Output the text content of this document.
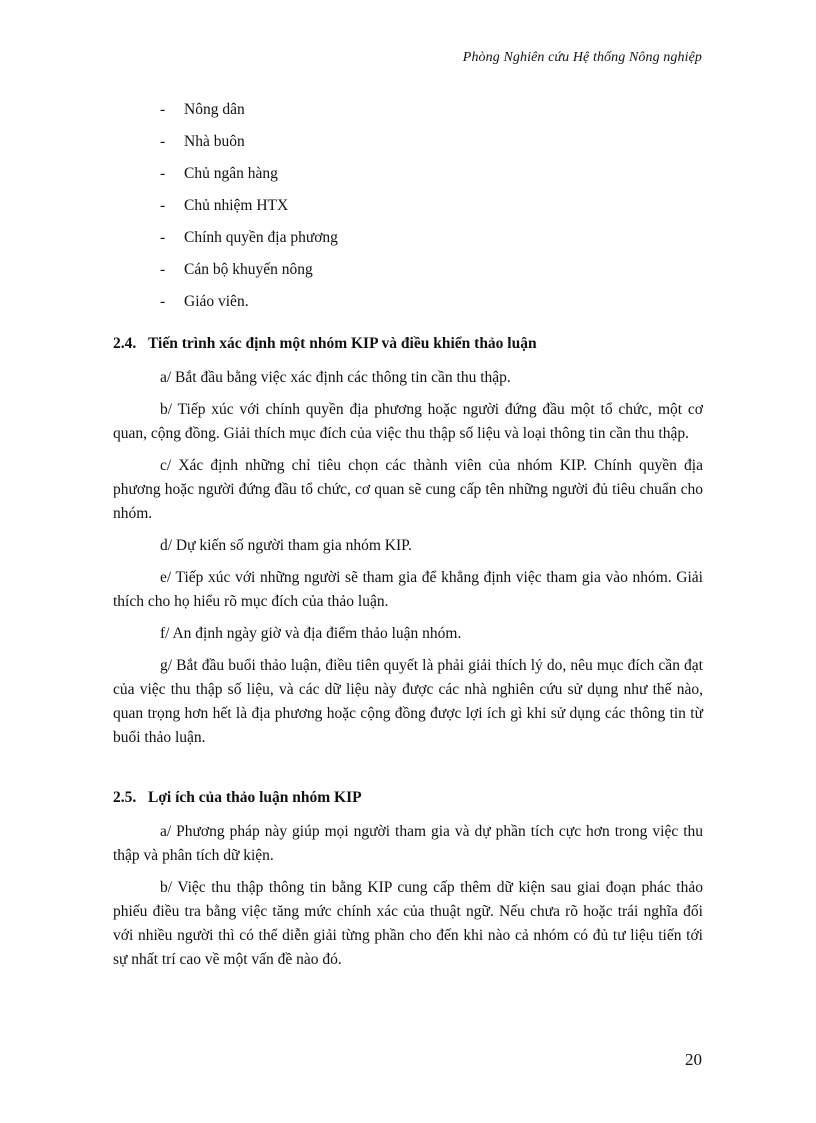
Phòng Nghiên cứu Hệ thống Nông nghiệp
-	Nông dân
-	Nhà buôn
-	Chủ ngân hàng
-	Chủ nhiệm HTX
-	Chính quyền địa phương
-	Cán bộ khuyến nông
-	Giáo viên.
2.4. Tiến trình xác định một nhóm KIP và điều khiển thảo luận

a/ Bắt đầu bằng việc xác định các thông tin cần thu thập.

b/ Tiếp xúc với chính quyền địa phương hoặc người đứng đầu một tổ chức, một cơ quan, cộng đồng. Giải thích mục đích của việc thu thập số liệu và loại thông tin cần thu thập.

c/ Xác định những chỉ tiêu chọn các thành viên của nhóm KIP. Chính quyền địa phương hoặc người đứng đầu tổ chức, cơ quan sẽ cung cấp tên những người đủ tiêu chuẩn cho nhóm.

d/ Dự kiến số người tham gia nhóm KIP.

e/ Tiếp xúc với những người sẽ tham gia để khẳng định việc tham gia vào nhóm. Giải thích cho họ hiểu rõ mục đích của thảo luận.

f/ An định ngày giờ và địa điểm thảo luận nhóm.

g/ Bắt đầu buổi thảo luận, điều tiên quyết là phải giải thích lý do, nêu mục đích cần đạt của việc thu thập số liệu, và các dữ liệu này được các nhà nghiên cứu sử dụng như thế nào, quan trọng hơn hết là địa phương hoặc cộng đồng được lợi ích gì khi sử dụng các thông tin từ buổi thảo luận.

2.5. Lợi ích của thảo luận nhóm KIP

a/ Phương pháp này giúp mọi người tham gia và dự phần tích cực hơn trong việc thu thập và phân tích dữ kiện.

b/ Việc thu thập thông tin bằng KIP cung cấp thêm dữ kiện sau giai đoạn phác thảo phiếu điều tra bằng việc tăng mức chính xác của thuật ngữ. Nếu chưa rõ hoặc trái nghĩa đối với nhiều người thì có thể diễn giải từng phần cho đến khi nào cả nhóm có đủ tư liệu tiến tới sự nhất trí cao về một vấn đề nào đó.

20
